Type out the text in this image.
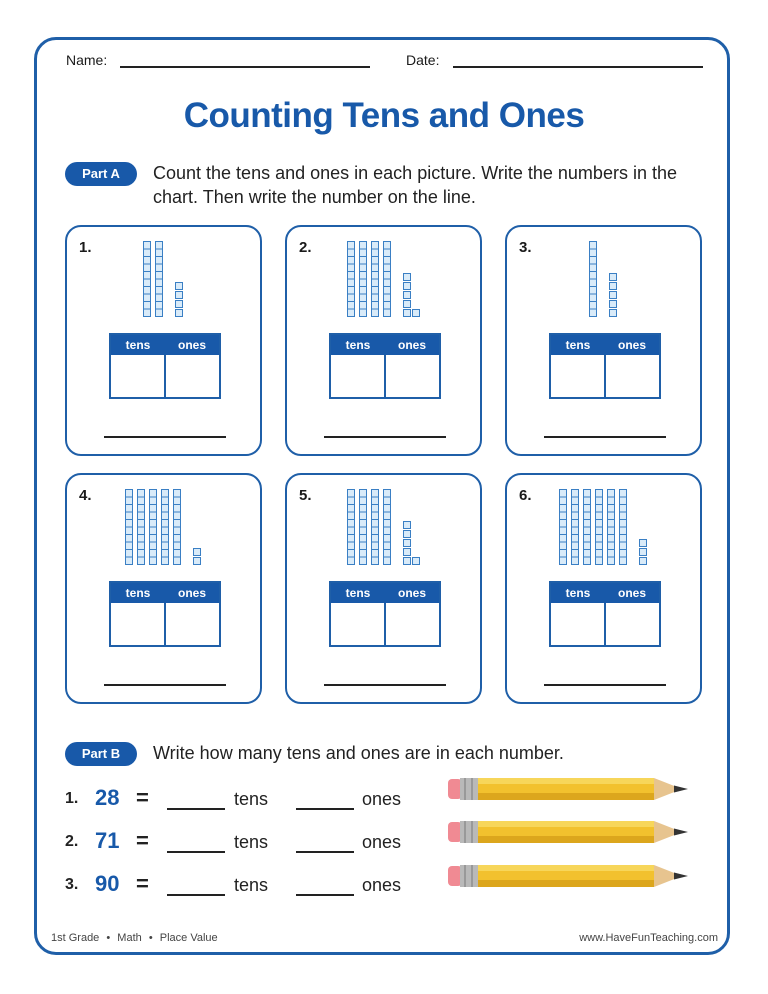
Name:	Date:
Counting Tens and Ones
Part A	Count the tens and ones in each picture. Write the numbers in the chart. Then write the number on the line.
1.
tens	ones
2.
tens	ones
3.
tens	ones
4.
tens	ones
5.
tens	ones
6.
tens	ones
Part B	Write how many tens and ones are in each number.
1. 28 =	tens	ones
2. 71 =	tens	ones
3. 90 =	tens	ones
1st Grade • Math • Place Value	www.HaveFunTeaching.com
